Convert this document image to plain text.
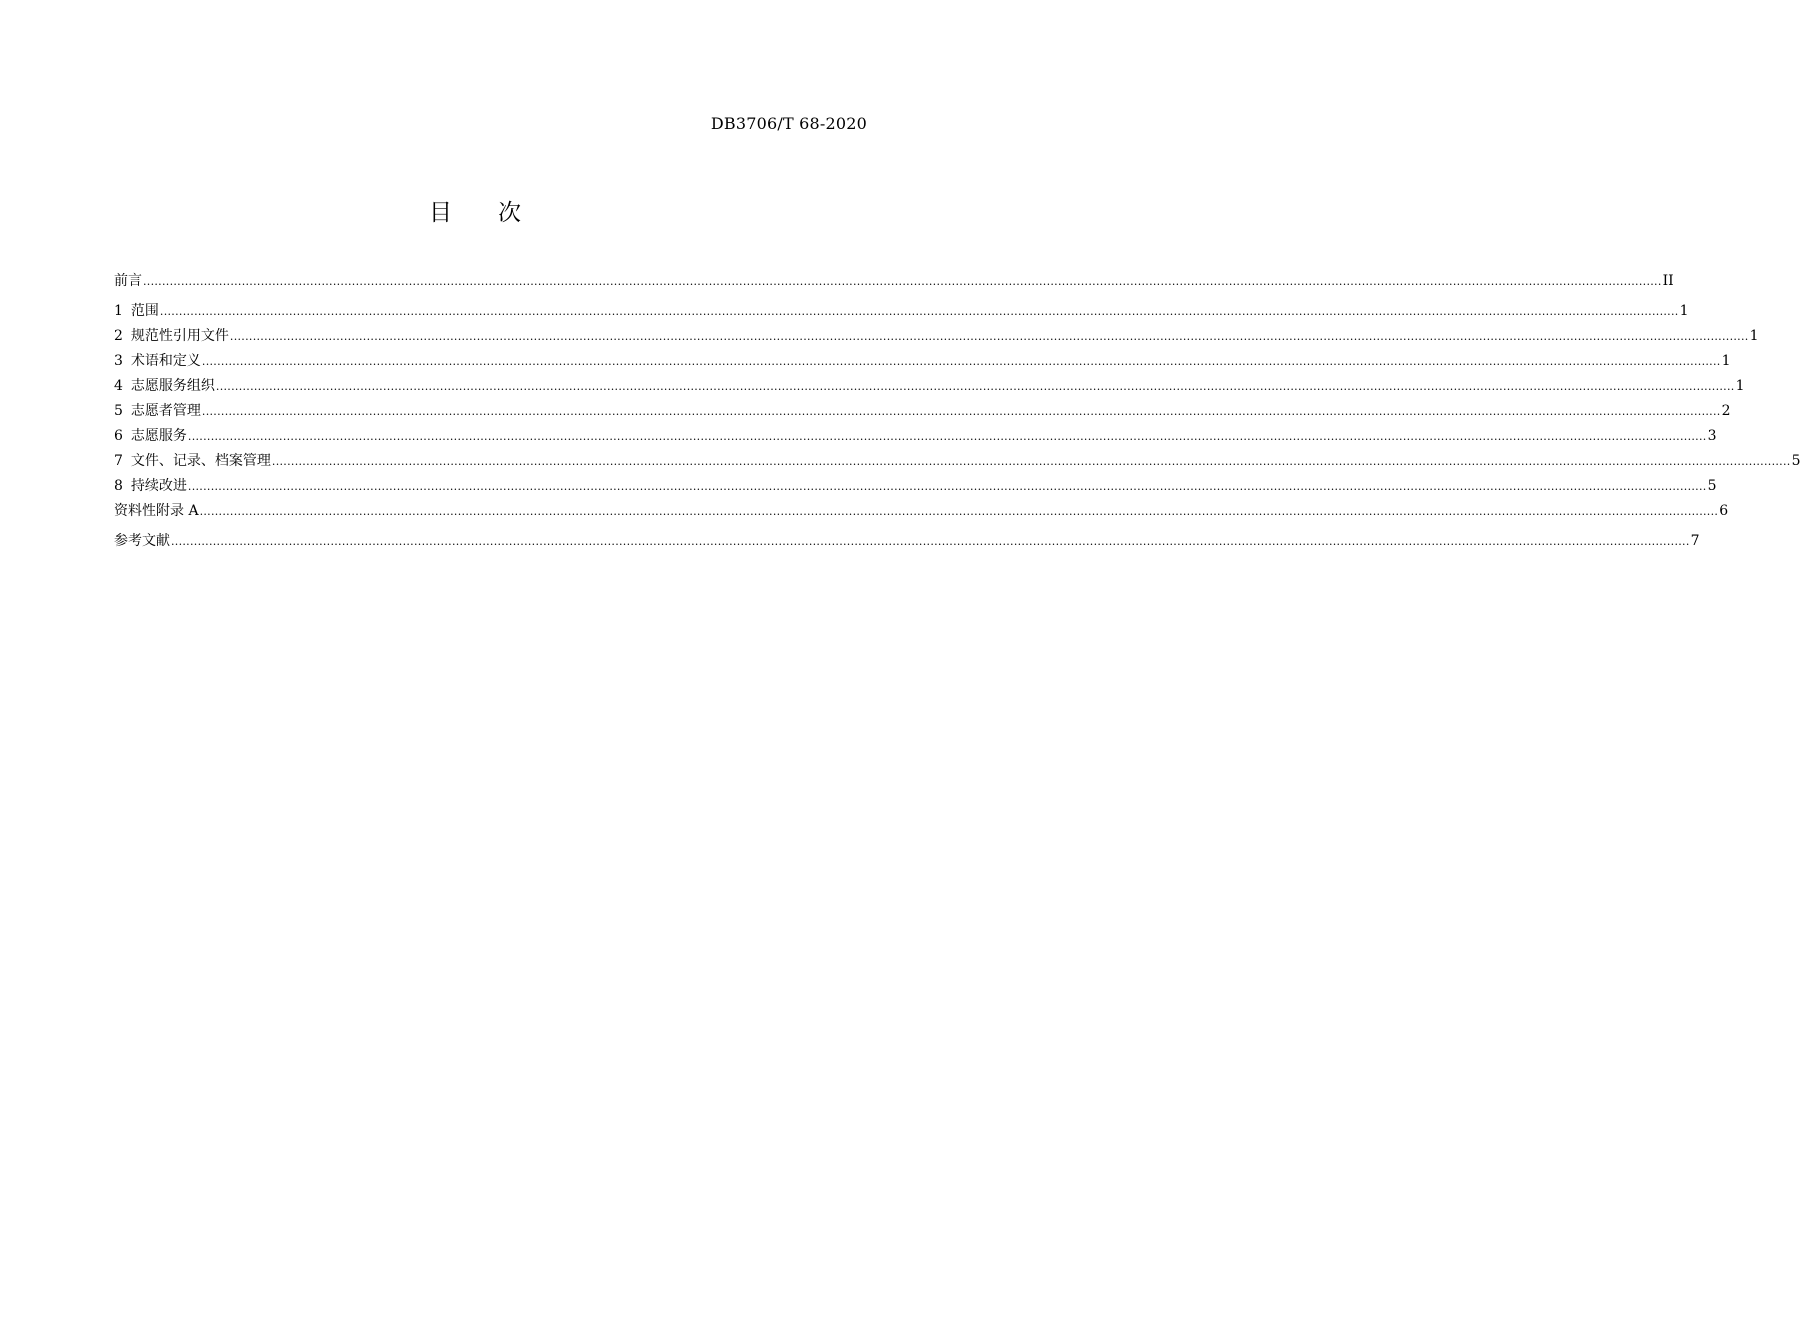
DB3706/T 68-2020
目 次
前言 ................................................................................................................................................................................................................................................................................................................................................................................................................ II
1 范围 ................................................................................................................................................................................................................................................................................................................................................................................................................ 1
2 规范性引用文件 ................................................................................................................................................................................................................................................................................................................................................................................................................ 1
3 术语和定义 ................................................................................................................................................................................................................................................................................................................................................................................................................ 1
4 志愿服务组织 ................................................................................................................................................................................................................................................................................................................................................................................................................ 1
5 志愿者管理 ................................................................................................................................................................................................................................................................................................................................................................................................................ 2
6 志愿服务 ................................................................................................................................................................................................................................................................................................................................................................................................................ 3
7 文件、记录、档案管理 ................................................................................................................................................................................................................................................................................................................................................................................................................ 5
8 持续改进 ................................................................................................................................................................................................................................................................................................................................................................................................................ 5
资料性附录 A ................................................................................................................................................................................................................................................................................................................................................................................................................ 6
参考文献 ................................................................................................................................................................................................................................................................................................................................................................................................................ 7
